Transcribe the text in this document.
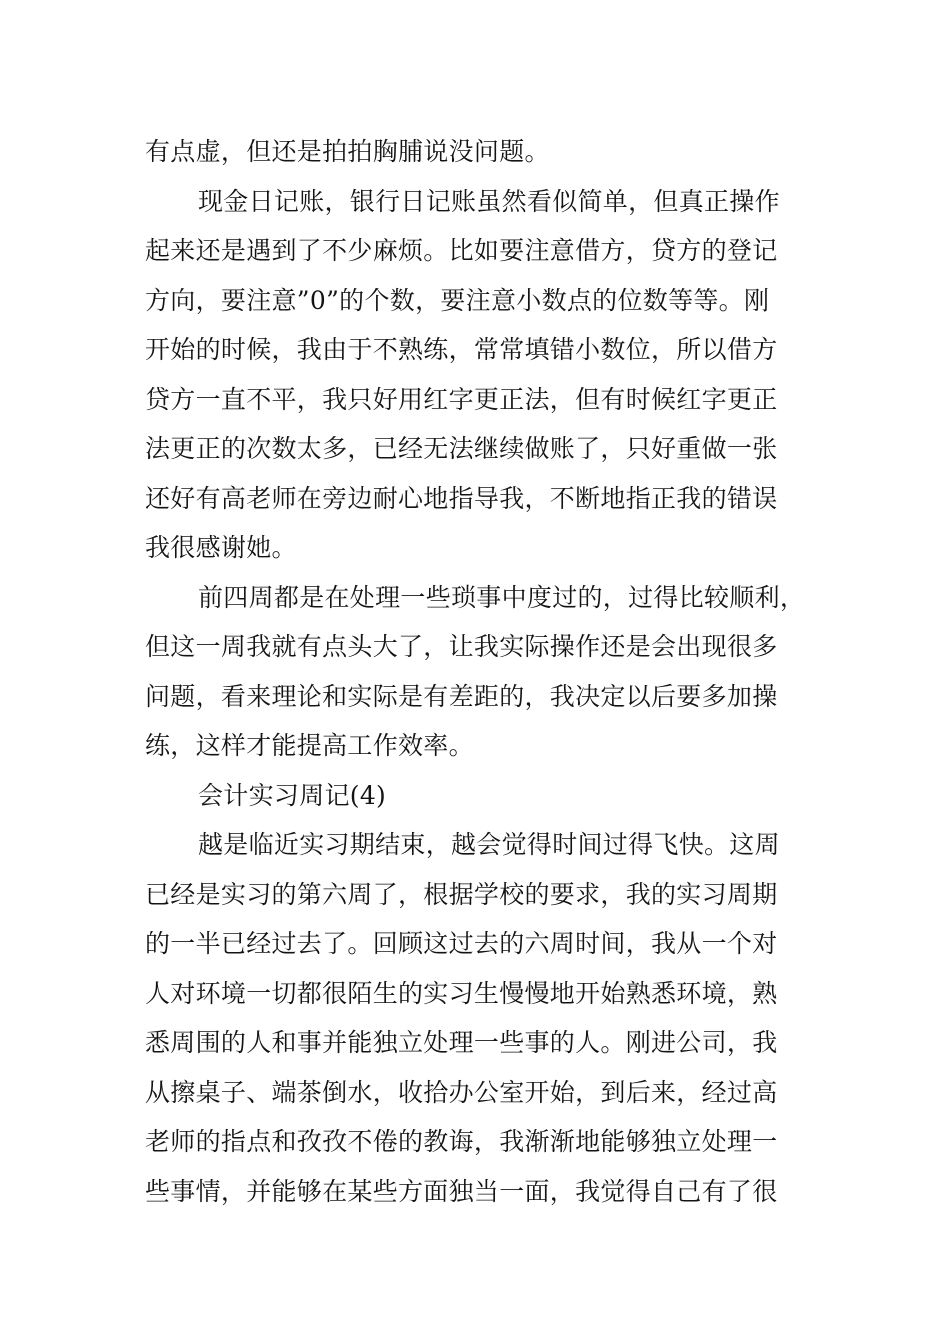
有点虚，但还是拍拍胸脯说没问题。
现金日记账，银行日记账虽然看似简单，但真正操作
起来还是遇到了不少麻烦。比如要注意借方，贷方的登记
方向，要注意”0”的个数，要注意小数点的位数等等。刚
开始的时候，我由于不熟练，常常填错小数位，所以借方
贷方一直不平，我只好用红字更正法，但有时候红字更正
法更正的次数太多，已经无法继续做账了，只好重做一张
还好有高老师在旁边耐心地指导我，不断地指正我的错误
我很感谢她。
前四周都是在处理一些琐事中度过的，过得比较顺利，
但这一周我就有点头大了，让我实际操作还是会出现很多
问题，看来理论和实际是有差距的，我决定以后要多加操
练，这样才能提高工作效率。
会计实习周记(4)
越是临近实习期结束，越会觉得时间过得飞快。这周
已经是实习的第六周了，根据学校的要求，我的实习周期
的一半已经过去了。回顾这过去的六周时间，我从一个对
人对环境一切都很陌生的实习生慢慢地开始熟悉环境，熟
悉周围的人和事并能独立处理一些事的人。刚进公司，我
从擦桌子、端茶倒水，收拾办公室开始，到后来，经过高
老师的指点和孜孜不倦的教诲，我渐渐地能够独立处理一
些事情，并能够在某些方面独当一面，我觉得自己有了很
